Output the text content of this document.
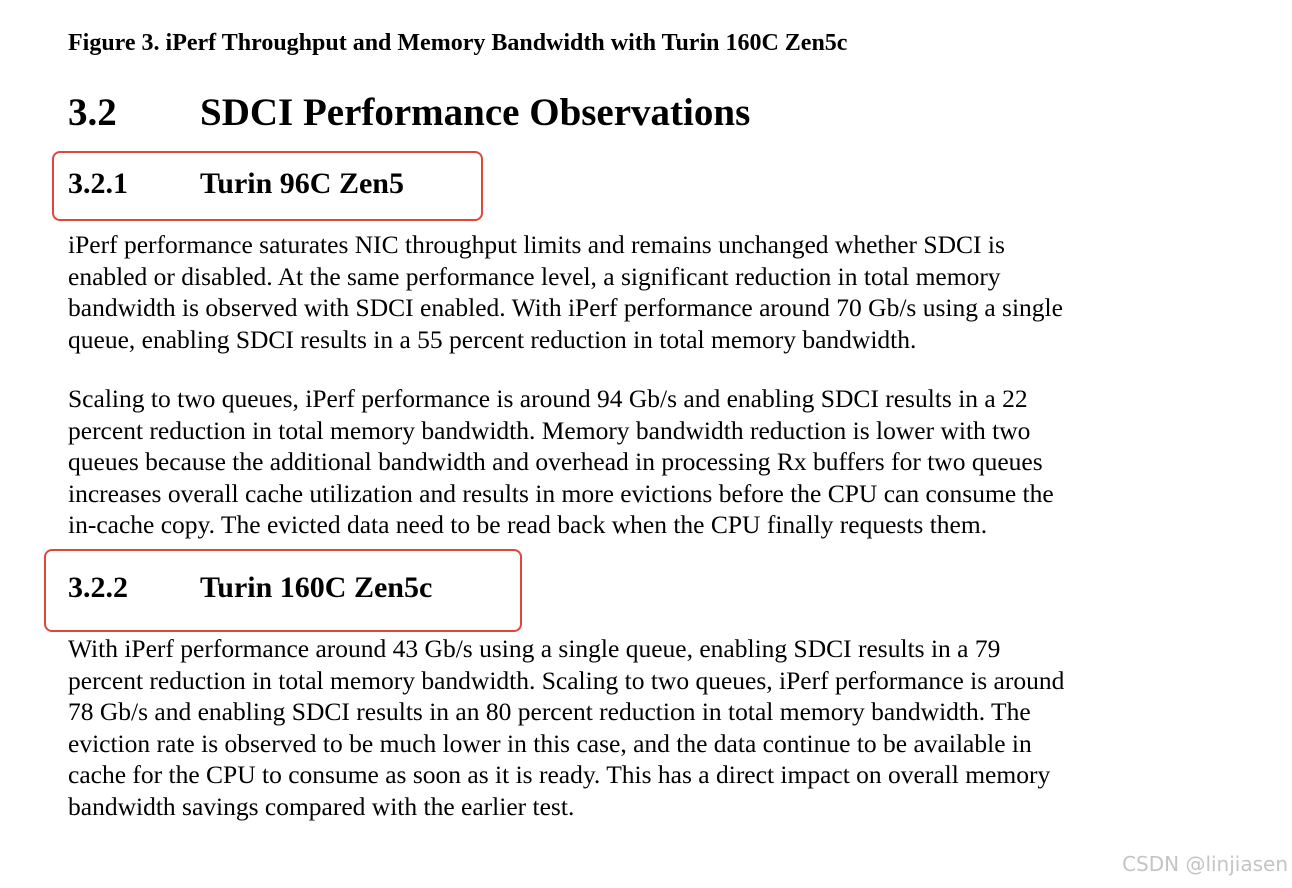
Figure 3. iPerf Throughput and Memory Bandwidth with Turin 160C Zen5c
3.2 SDCI Performance Observations
3.2.1 Turin 96C Zen5

iPerf performance saturates NIC throughput limits and remains unchanged whether SDCI is
enabled or disabled. At the same performance level, a significant reduction in total memory
bandwidth is observed with SDCI enabled. With iPerf performance around 70 Gb/s using a single
queue, enabling SDCI results in a 55 percent reduction in total memory bandwidth.

Scaling to two queues, iPerf performance is around 94 Gb/s and enabling SDCI results in a 22
percent reduction in total memory bandwidth. Memory bandwidth reduction is lower with two
queues because the additional bandwidth and overhead in processing Rx buffers for two queues
increases overall cache utilization and results in more evictions before the CPU can consume the
in-cache copy. The evicted data need to be read back when the CPU finally requests them.

3.2.2 Turin 160C Zen5c

With iPerf performance around 43 Gb/s using a single queue, enabling SDCI results in a 79
percent reduction in total memory bandwidth. Scaling to two queues, iPerf performance is around
78 Gb/s and enabling SDCI results in an 80 percent reduction in total memory bandwidth. The
eviction rate is observed to be much lower in this case, and the data continue to be available in
cache for the CPU to consume as soon as it is ready. This has a direct impact on overall memory
bandwidth savings compared with the earlier test.

CSDN @linjiasen
